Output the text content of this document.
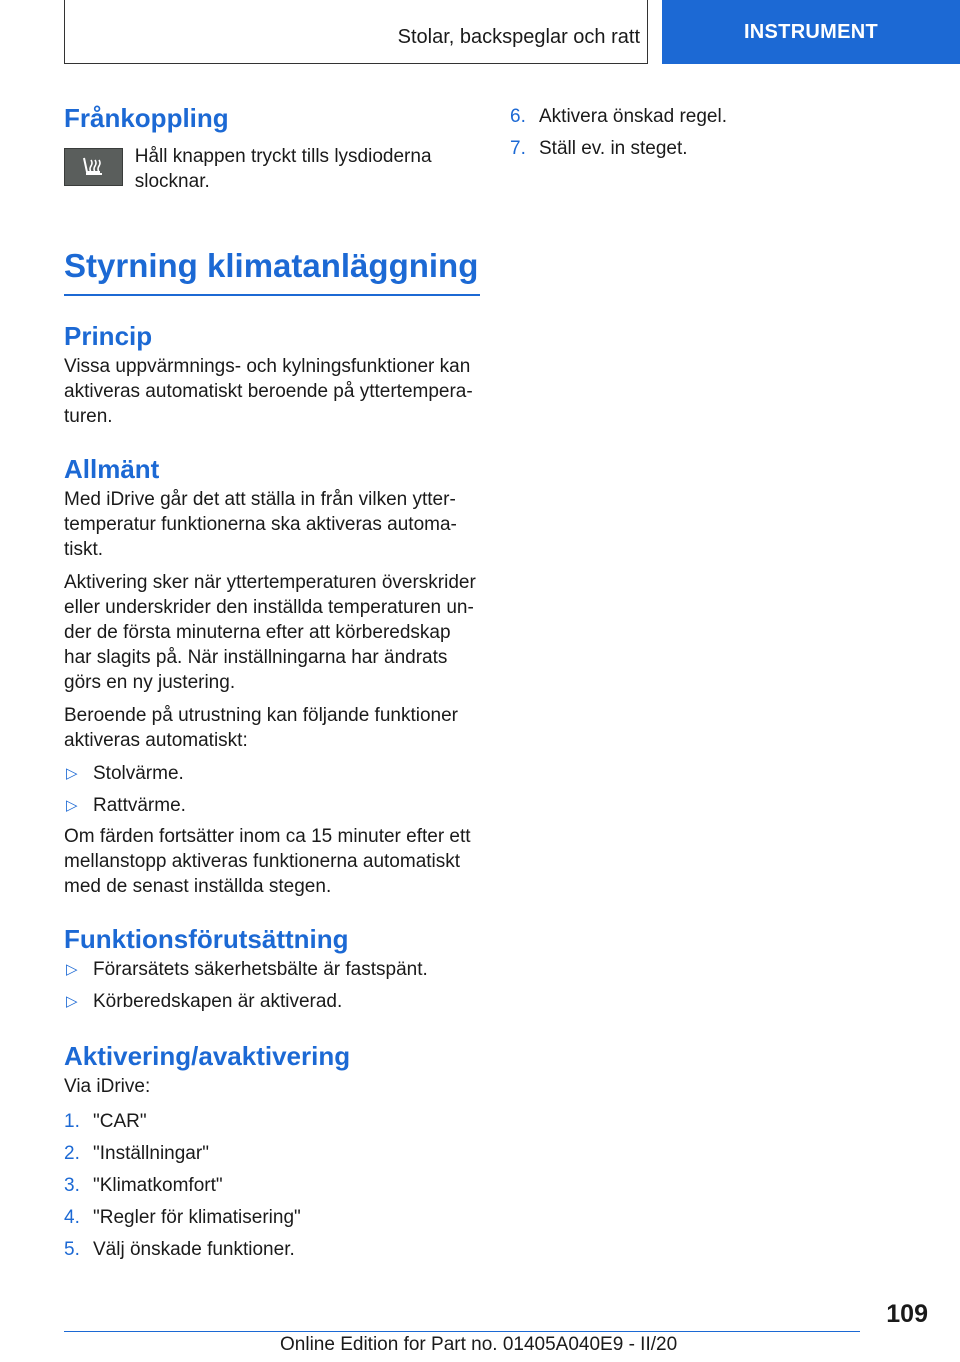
Stolar, backspeglar och ratt	INSTRUMENT
Frånkoppling

Håll knappen tryckt tills lysdioderna slocknar.

Styrning klimatanläggning
Princip

Vissa uppvärmnings- och kylningsfunktioner kan aktiveras automatiskt beroende på yttertemperaturen.

Allmänt

Med iDrive går det att ställa in från vilken yttertemperatur funktionerna ska aktiveras automatiskt.

Aktivering sker när yttertemperaturen överskrider eller underskrider den inställda temperaturen under de första minuterna efter att körberedskap har slagits på. När inställningarna har ändrats görs en ny justering.

Beroende på utrustning kan följande funktioner aktiveras automatiskt:

▷ Stolvärme.
▷ Rattvärme.

Om färden fortsätter inom ca 15 minuter efter ett mellanstopp aktiveras funktionerna automatiskt med de senast inställda stegen.

Funktionsförutsättning
▷ Förarsätets säkerhetsbälte är fastspänt.
▷ Körberedskapen är aktiverad.
Aktivering/avaktivering

Via iDrive:

1. "CAR"
2. "Inställningar"
3. "Klimatkomfort"
4. "Regler för klimatisering"
5. Välj önskade funktioner.
6. Aktivera önskad regel.
7. Ställ ev. in steget.
109
Online Edition for Part no. 01405A040E9 - II/20
